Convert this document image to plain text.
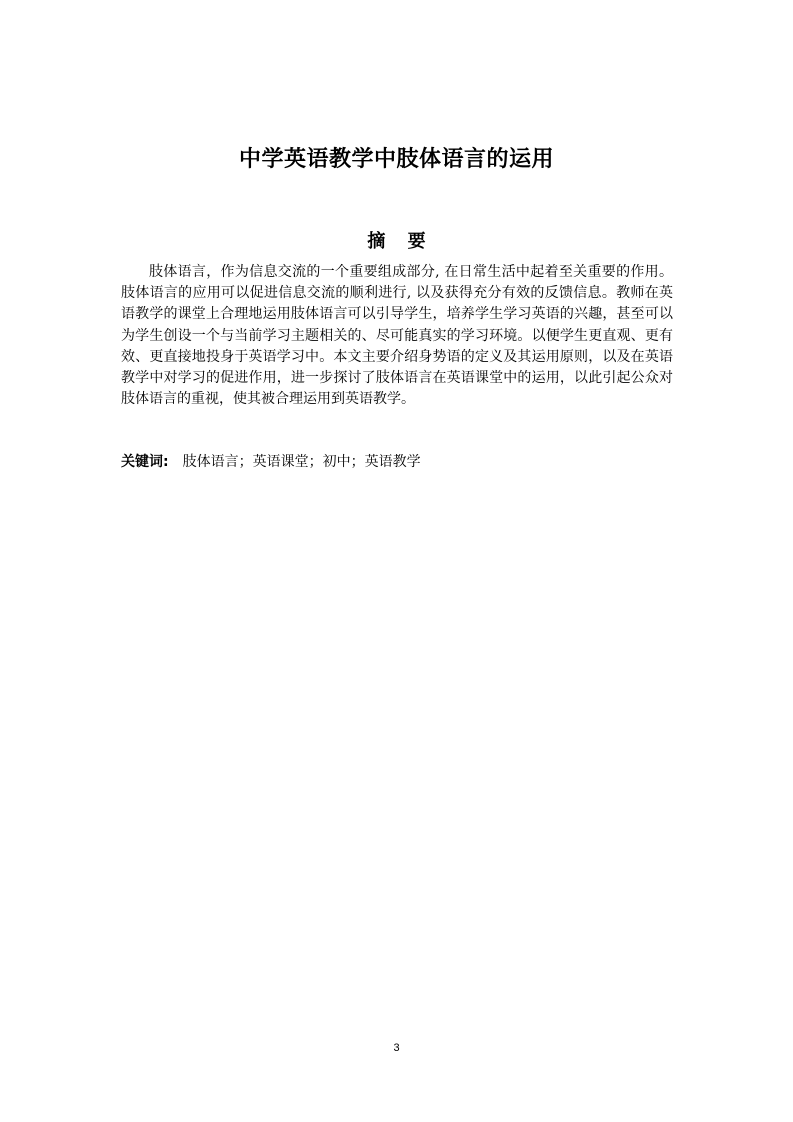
中学英语教学中肢体语言的运用
摘 要

肢体语言，作为信息交流的一个重要组成部分, 在日常生活中起着至关重要的作用。肢体语言的应用可以促进信息交流的顺利进行, 以及获得充分有效的反馈信息。教师在英语教学的课堂上合理地运用肢体语言可以引导学生，培养学生学习英语的兴趣，甚至可以为学生创设一个与当前学习主题相关的、尽可能真实的学习环境。以便学生更直观、更有效、更直接地投身于英语学习中。本文主要介绍身势语的定义及其运用原则，以及在英语教学中对学习的促进作用，进一步探讨了肢体语言在英语课堂中的运用，以此引起公众对肢体语言的重视，使其被合理运用到英语教学。

关键词: 肢体语言；英语课堂；初中；英语教学
3
